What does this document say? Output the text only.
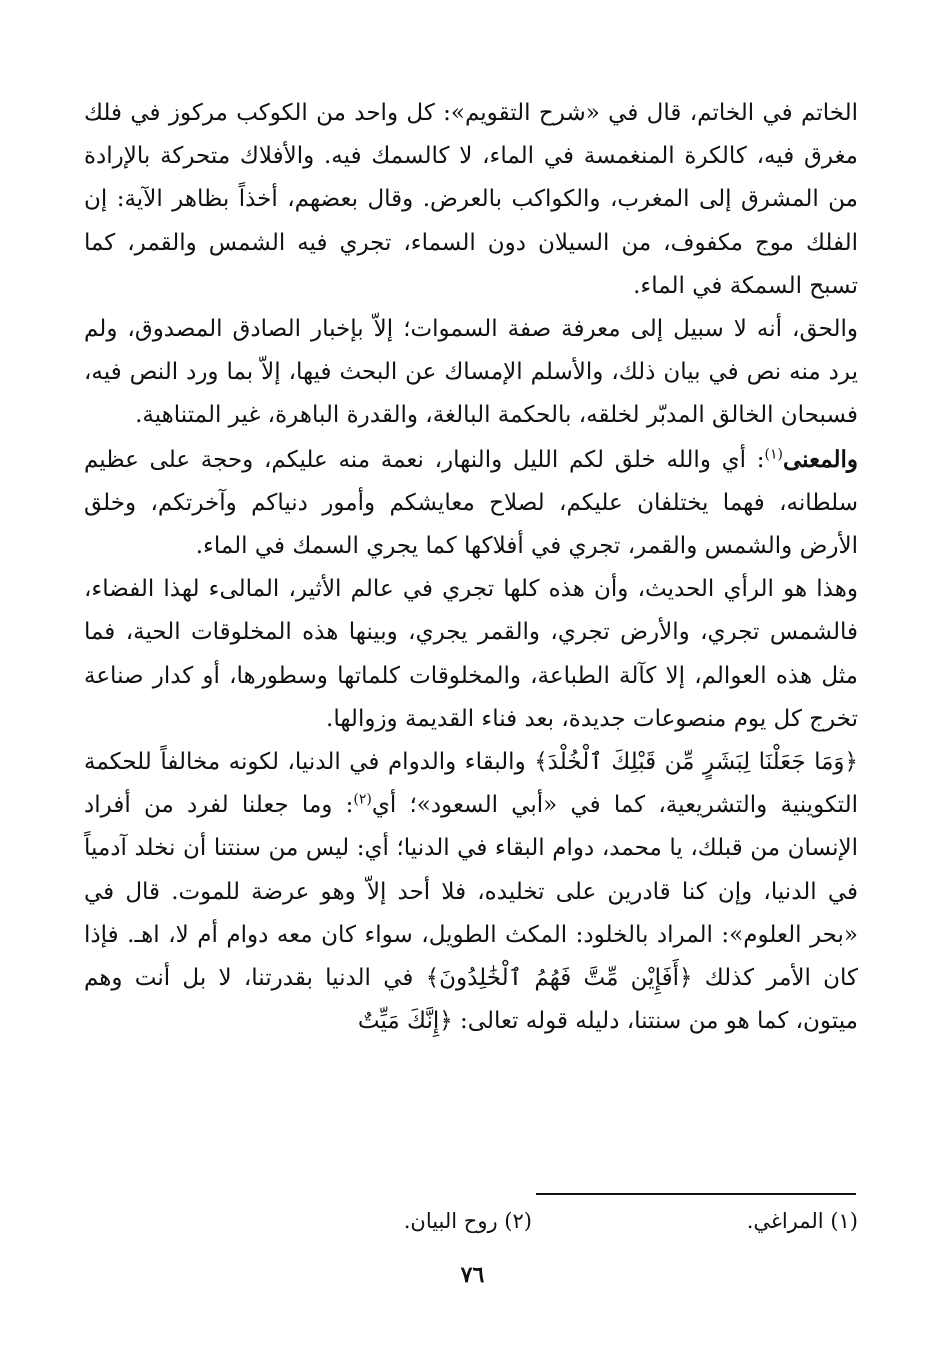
الخاتم في الخاتم، قال في «شرح التقويم»: كل واحد من الكوكب مركوز في فلك مغرق فيه، كالكرة المنغمسة في الماء، لا كالسمك فيه. والأفلاك متحركة بالإرادة من المشرق إلى المغرب، والكواكب بالعرض. وقال بعضهم، أخذاً بظاهر الآية: إن الفلك موج مكفوف، من السيلان دون السماء، تجري فيه الشمس والقمر، كما تسبح السمكة في الماء.

والحق، أنه لا سبيل إلى معرفة صفة السموات؛ إلاّ بإخبار الصادق المصدوق، ولم يرد منه نص في بيان ذلك، والأسلم الإمساك عن البحث فيها، إلاّ بما ورد النص فيه، فسبحان الخالق المدبّر لخلقه، بالحكمة البالغة، والقدرة الباهرة، غير المتناهية.

والمعنى$^{(١)}$: أي والله خلق لكم الليل والنهار، نعمة منه عليكم، وحجة على عظيم سلطانه، فهما يختلفان عليكم، لصلاح معايشكم وأمور دنياكم وآخرتكم، وخلق الأرض والشمس والقمر، تجري في أفلاكها كما يجري السمك في الماء.

وهذا هو الرأي الحديث، وأن هذه كلها تجري في عالم الأثير، المالىء لهذا الفضاء، فالشمس تجري، والأرض تجري، والقمر يجري، وبينها هذه المخلوقات الحية، فما مثل هذه العوالم، إلا كآلة الطباعة، والمخلوقات كلماتها وسطورها، أو كدار صناعة تخرج كل يوم منصوعات جديدة، بعد فناء القديمة وزوالها.

﴿وَمَا جَعَلْنَا لِبَشَرٍ مِّن قَبْلِكَ ٱلْخُلْدَ﴾ والبقاء والدوام في الدنيا، لكونه مخالفاً للحكمة التكوينية والتشريعية، كما في «أبي السعود»؛ أي$^{(٢)}$: وما جعلنا لفرد من أفراد الإنسان من قبلك، يا محمد، دوام البقاء في الدنيا؛ أي: ليس من سنتنا أن نخلد آدمياً في الدنيا، وإن كنا قادرين على تخليده، فلا أحد إلاّ وهو عرضة للموت. قال في «بحر العلوم»: المراد بالخلود: المكث الطويل، سواء كان معه دوام أم لا، اهـ. فإذا كان الأمر كذلك ﴿أَفَإِيْن مِّتَّ فَهُمُ ٱلْخَٰلِدُونَ﴾ في الدنيا بقدرتنا، لا بل أنت وهم ميتون، كما هو من سنتنا، دليله قوله تعالى: ﴿إِنَّكَ مَيِّتٌ

(١) المراغي.
(٢) روح البيان.
٧٦
